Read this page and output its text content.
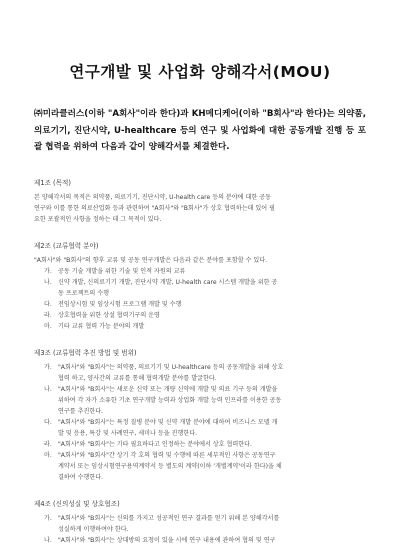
연구개발 및 사업화 양해각서(MOU)

㈜미라클러스(이하 "A회사"이라 한다)과 KH메디케어(이하 "B회사"라 한다)는 의약품, 의료기기, 진단시약, U-healthcare 등의 연구 및 사업화에 대한 공동개발 진행 등 포괄 협력을 위하여 다음과 같이 양해각서를 체결한다.

제1조 (목적)

본 양해각서의 목적은 의약품, 의료기기, 진단시약, U-health care 등의 분야에 대한 공동

연구와 이를 통한 의료산업화 등과 관련하여 "A회사"와 "B회사"가 상호 협력하는데 있어 필

요한 포괄적인 사항을 정하는 데 그 목적이 있다.

제2조 (교류협력 분야)

"A회사"와 "B회사"의 향후 교류 및 공동 연구개발은 다음과 같은 분야를 포함할 수 있다.

가.	공동 기술 개발을 위한 기술 및 인적 자원의 교류
나.	신약 개발, 신의료기기 개발, 진단시약 개발, U-health care 시스템 개발을 위한 공
동 프로젝트의 수행
다.	전임상시험 및 임상시험 프로그램 개발 및 수행
라.	상호협력을 위한 상설 협력기구의 운영
마.	기타 교류 협력 가능 분야의 개발
제3조 (교류협력 추진 방법 및 범위)
가.	"A회사"와 "B회사"는 의약품, 의료기기 및 U-healthcare 등의 공동개발을 위해 상호
협력 하고, 양사간의 교류를 통해 협력개발 분야를 발굴한다.
나.	"A회사"와 "B회사"는 새로운 신약 또는 개량 신약에 개발 및 의료 기구 등의 개발을
위하여 각 자가 소유한 기초 연구개발 능력과 상업화 개발 능력 인프라를 이용한 공동
연구를 추진한다.
다.	"A회사"와 "B회사"는 특정 질병 분야 및 신약 개발 분야에 대하여 비즈니스 모델 개
발 및 응용, 특강 및 사례연구, 세미나 등을 진행한다.
라.	"A회사"와 "B회사"는 기타 필요하다고 인정하는 분야에서 상호 협력한다.
마.	"A회사"와 "B회사"간 상기 각 호의 협력 및 수행에 따른 세부적인 사항은 공동연구
계약서 또는 임상시험연구용역계약서 등 별도의 계약(이하 '개별계약'이라 한다)을 체
결하여 수행한다.
제4조 (신의성실 및 상호협조)
가.	"A회사"와 "B회사"는 신의를 가지고 성공적인 연구 결과를 얻기 위해 본 양해각서를
성실하게 이행하여야 한다.
나.	"A회사"와 "B회사"는 상대방의 요청이 있을 시에 연구 내용에 관하여 협의 및 연구
